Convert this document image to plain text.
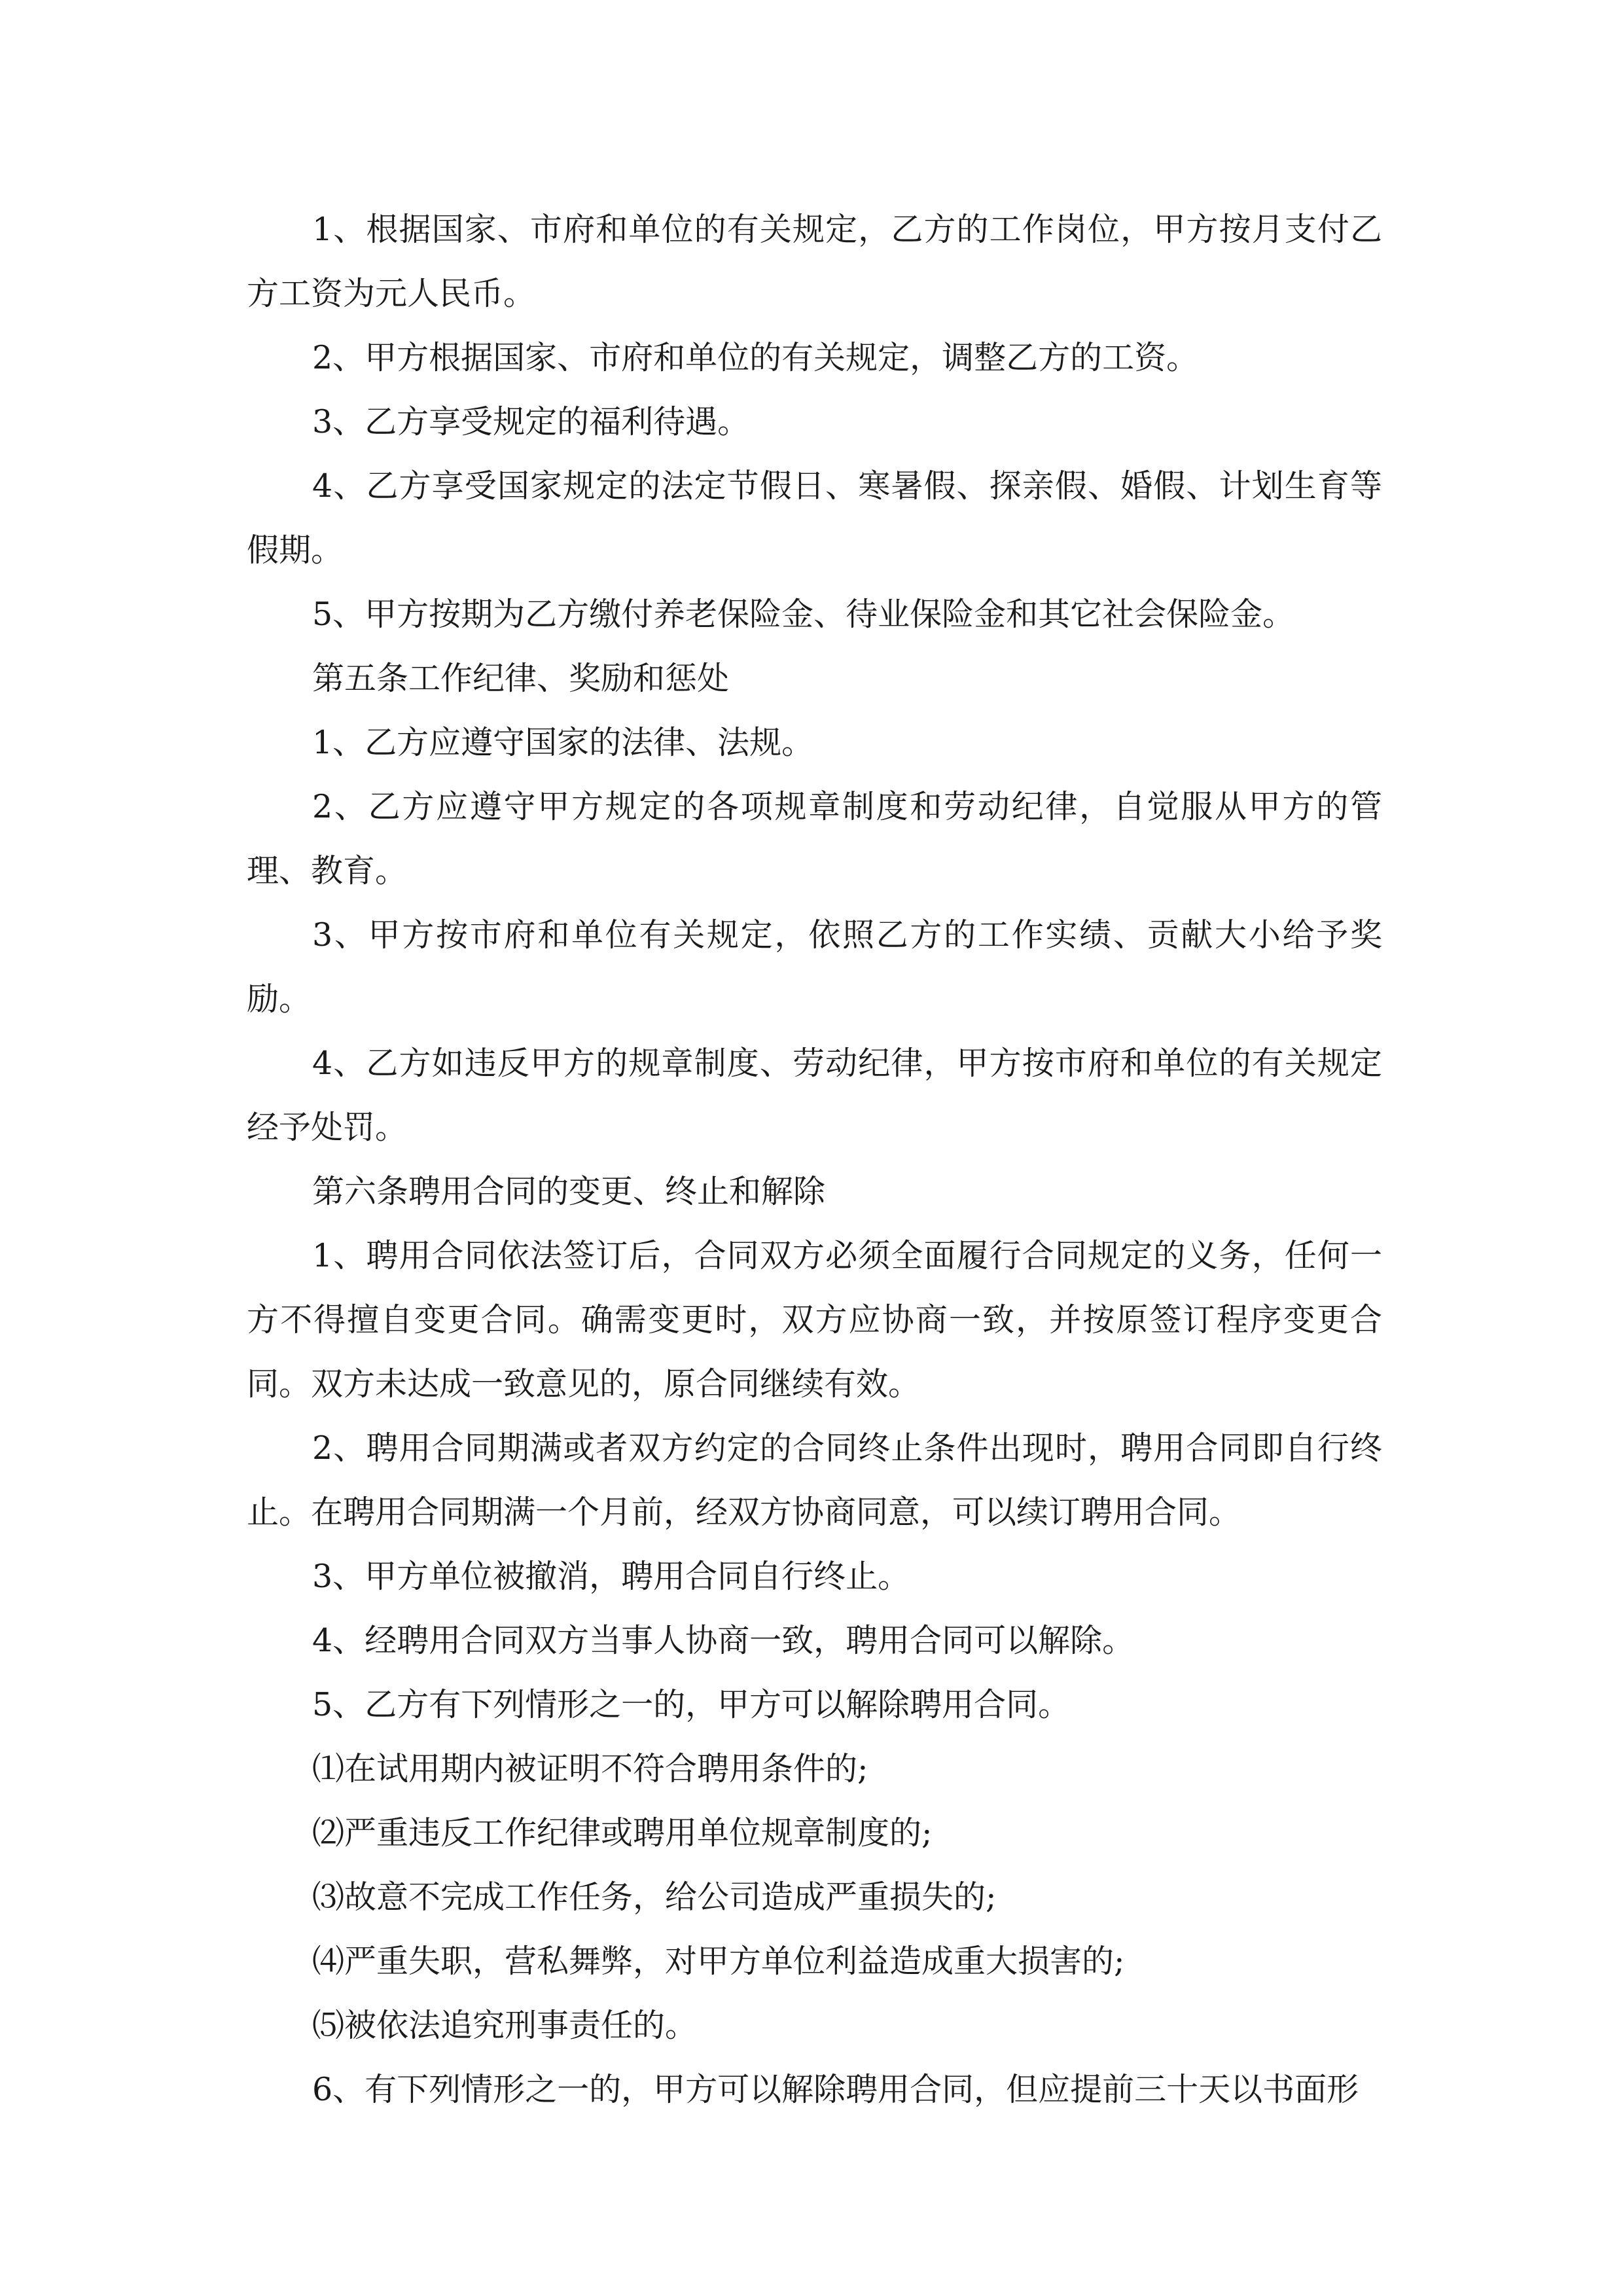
1、根据国家、市府和单位的有关规定，乙方的工作岗位，甲方按月支付乙方工资为元人民币。

2、甲方根据国家、市府和单位的有关规定，调整乙方的工资。

3、乙方享受规定的福利待遇。

4、乙方享受国家规定的法定节假日、寒暑假、探亲假、婚假、计划生育等假期。

5、甲方按期为乙方缴付养老保险金、待业保险金和其它社会保险金。

第五条工作纪律、奖励和惩处

1、乙方应遵守国家的法律、法规。

2、乙方应遵守甲方规定的各项规章制度和劳动纪律，自觉服从甲方的管理、教育。

3、甲方按市府和单位有关规定，依照乙方的工作实绩、贡献大小给予奖励。

4、乙方如违反甲方的规章制度、劳动纪律，甲方按市府和单位的有关规定经予处罚。

第六条聘用合同的变更、终止和解除

1、聘用合同依法签订后，合同双方必须全面履行合同规定的义务，任何一方不得擅自变更合同。确需变更时，双方应协商一致，并按原签订程序变更合同。双方未达成一致意见的，原合同继续有效。

2、聘用合同期满或者双方约定的合同终止条件出现时，聘用合同即自行终止。在聘用合同期满一个月前，经双方协商同意，可以续订聘用合同。

3、甲方单位被撤消，聘用合同自行终止。

4、经聘用合同双方当事人协商一致，聘用合同可以解除。

5、乙方有下列情形之一的，甲方可以解除聘用合同。

⑴在试用期内被证明不符合聘用条件的;

⑵严重违反工作纪律或聘用单位规章制度的;

⑶故意不完成工作任务，给公司造成严重损失的;

⑷严重失职，营私舞弊，对甲方单位利益造成重大损害的;

⑸被依法追究刑事责任的。

6、有下列情形之一的，甲方可以解除聘用合同，但应提前三十天以书面形
